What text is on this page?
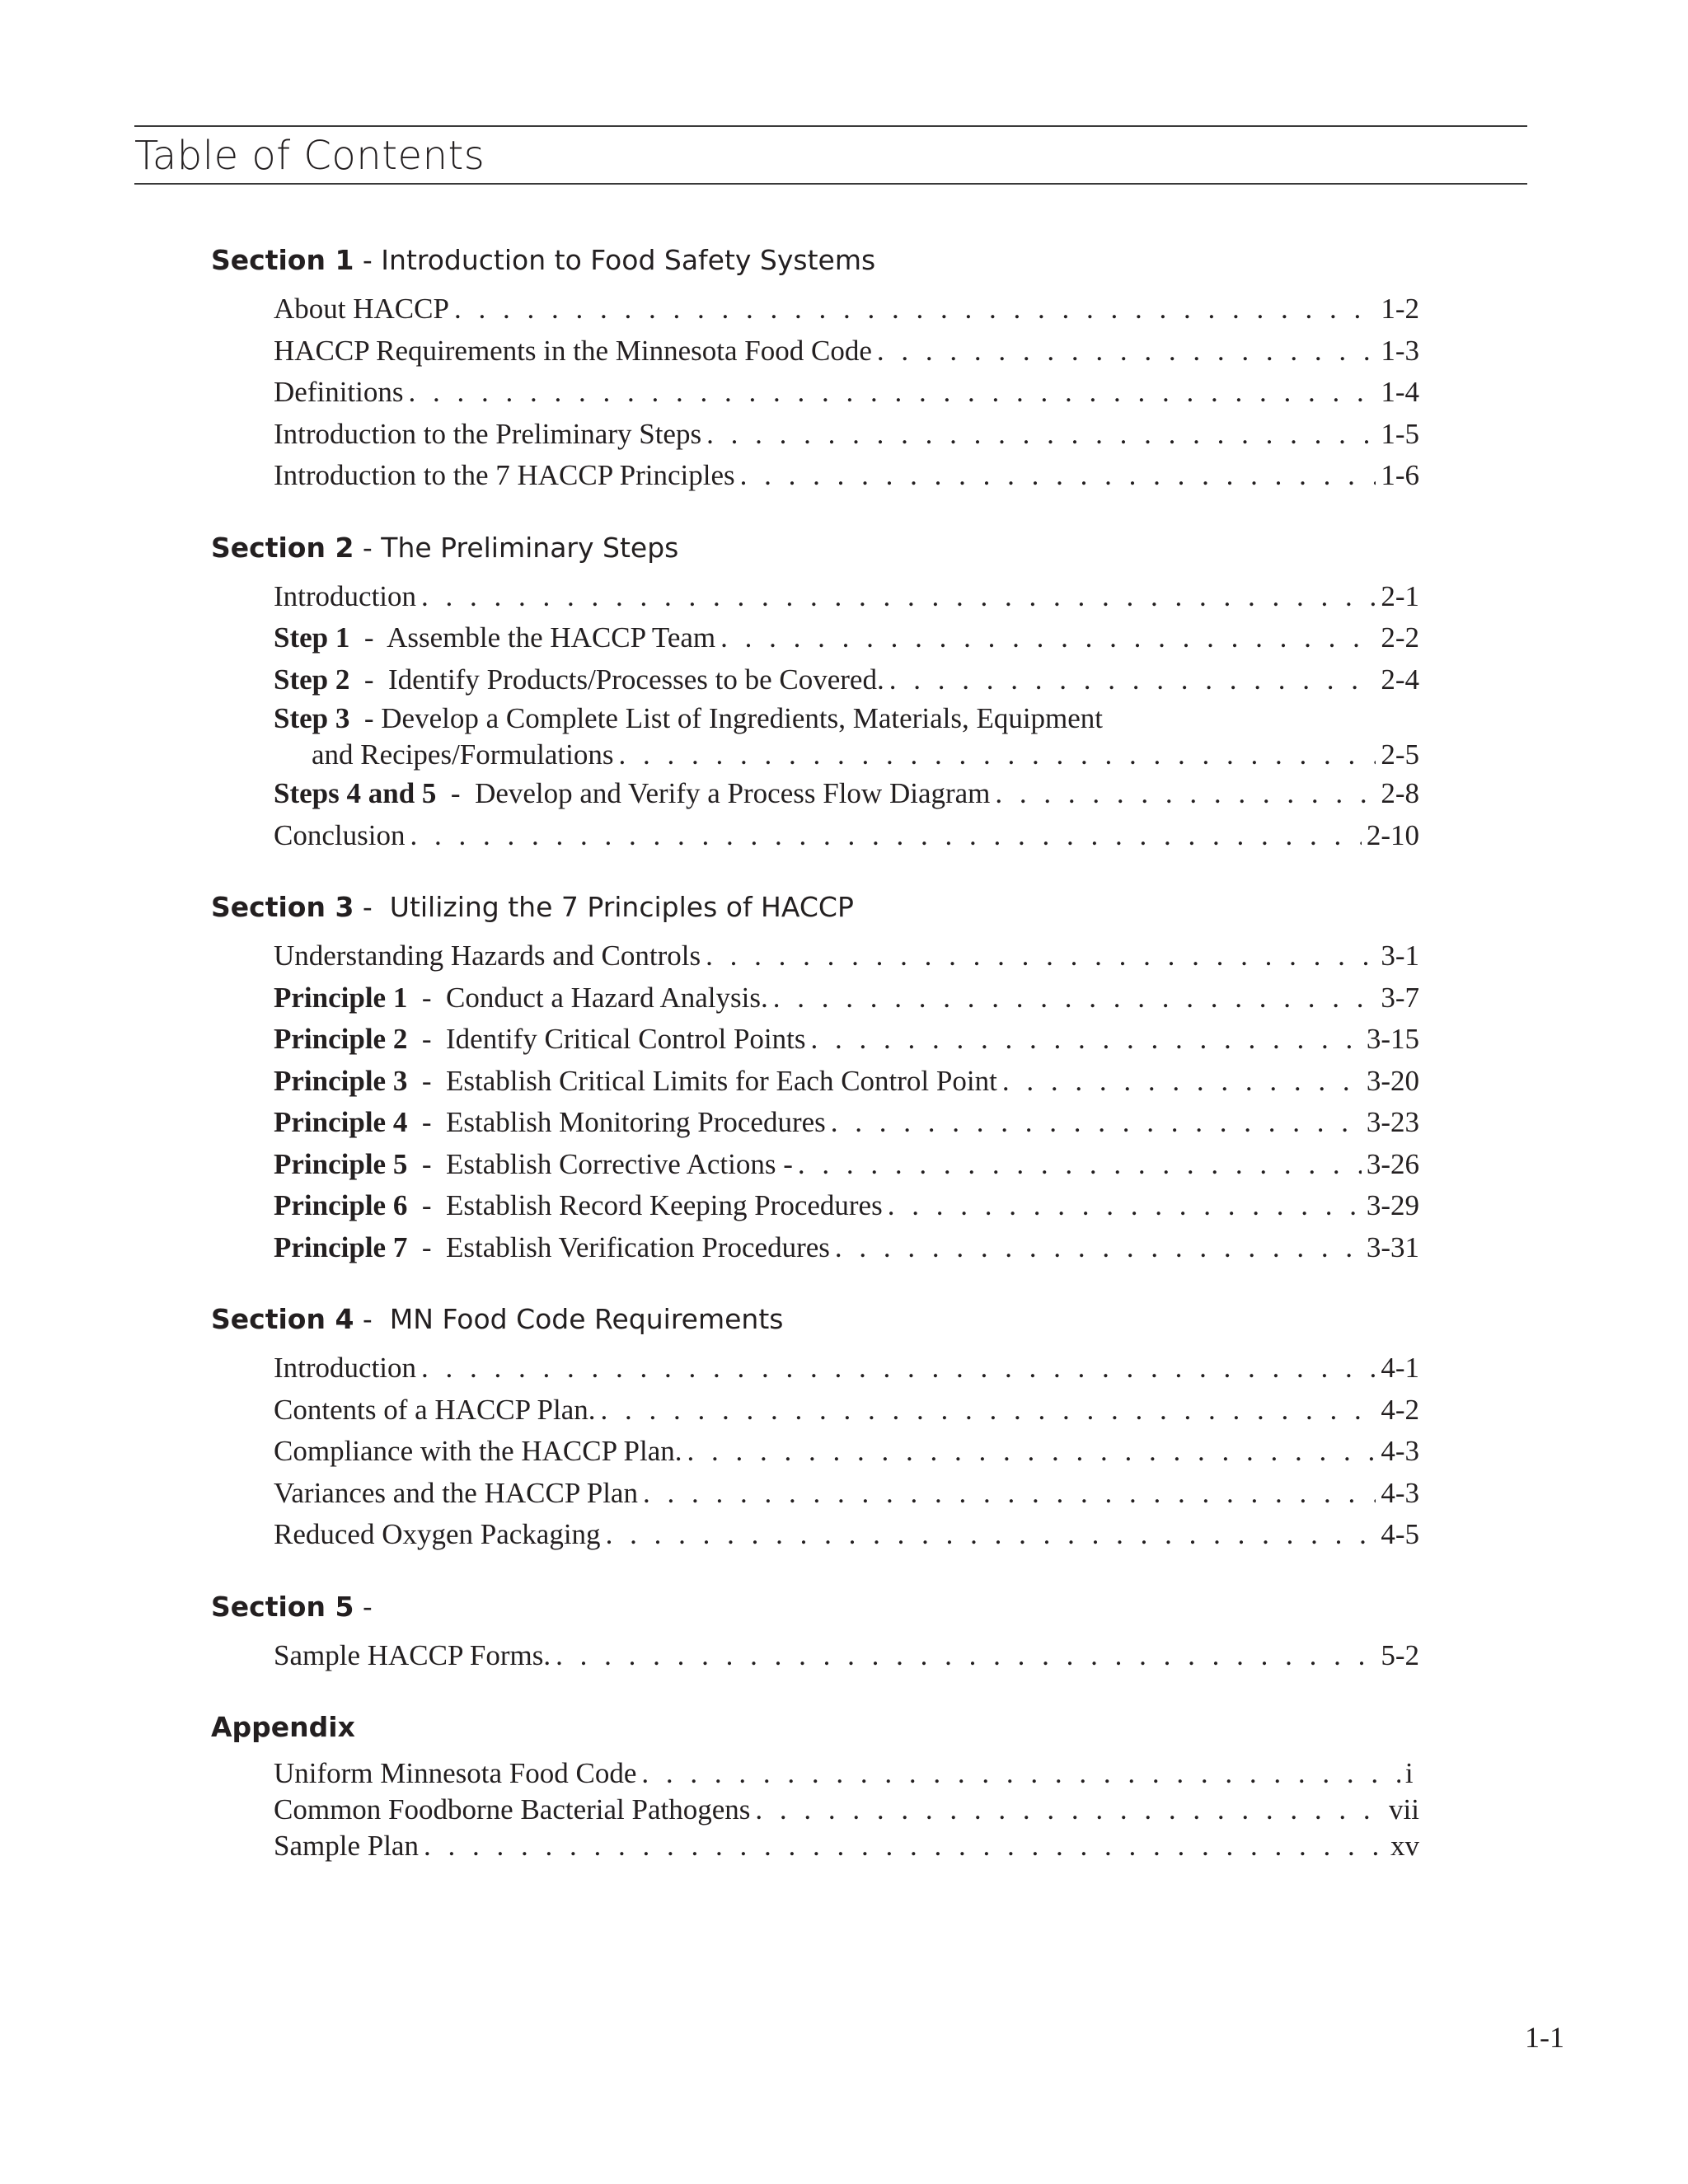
Table of Contents
Section 1 - Introduction to Food Safety Systems
About HACCP . . .	1-2
HACCP Requirements in the Minnesota Food Code . . .	1-3
Definitions . . .	1-4
Introduction to the Preliminary Steps . . .	1-5
Introduction to the 7 HACCP Principles . . .	1-6
Section 2 - The Preliminary Steps
Introduction . . .	2-1
Step 1  -  Assemble the HACCP Team . . .	2-2
Step 2  -  Identify Products/Processes to be Covered. . . .	2-4
Step 3  - Develop a Complete List of Ingredients, Materials, Equipment
and Recipes/Formulations . . .	2-5
Steps 4 and 5  -  Develop and Verify a Process Flow Diagram . . .	2-8
Conclusion . . .	2-10
Section 3 -  Utilizing the 7 Principles of HACCP
Understanding Hazards and Controls . . .	3-1
Principle 1  -  Conduct a Hazard Analysis. . . .	3-7
Principle 2  -  Identify Critical Control Points . . .	3-15
Principle 3  -  Establish Critical Limits for Each Control Point . . .	3-20
Principle 4  -  Establish Monitoring Procedures . . .	3-23
Principle 5  -  Establish Corrective Actions - . . .	3-26
Principle 6  -  Establish Record Keeping Procedures . . .	3-29
Principle 7  -  Establish Verification Procedures . . .	3-31
Section 4 -  MN Food Code Requirements
Introduction . . .	4-1
Contents of a HACCP Plan. . . .	4-2
Compliance with the HACCP Plan. . . .	4-3
Variances and the HACCP Plan . . .	4-3
Reduced Oxygen Packaging . . .	4-5
Section 5 -
Sample HACCP Forms. . . .	5-2
Appendix
Uniform Minnesota Food Code . . .	i
Common Foodborne Bacterial Pathogens . . .	vii
Sample Plan . . .	xv
1-1
